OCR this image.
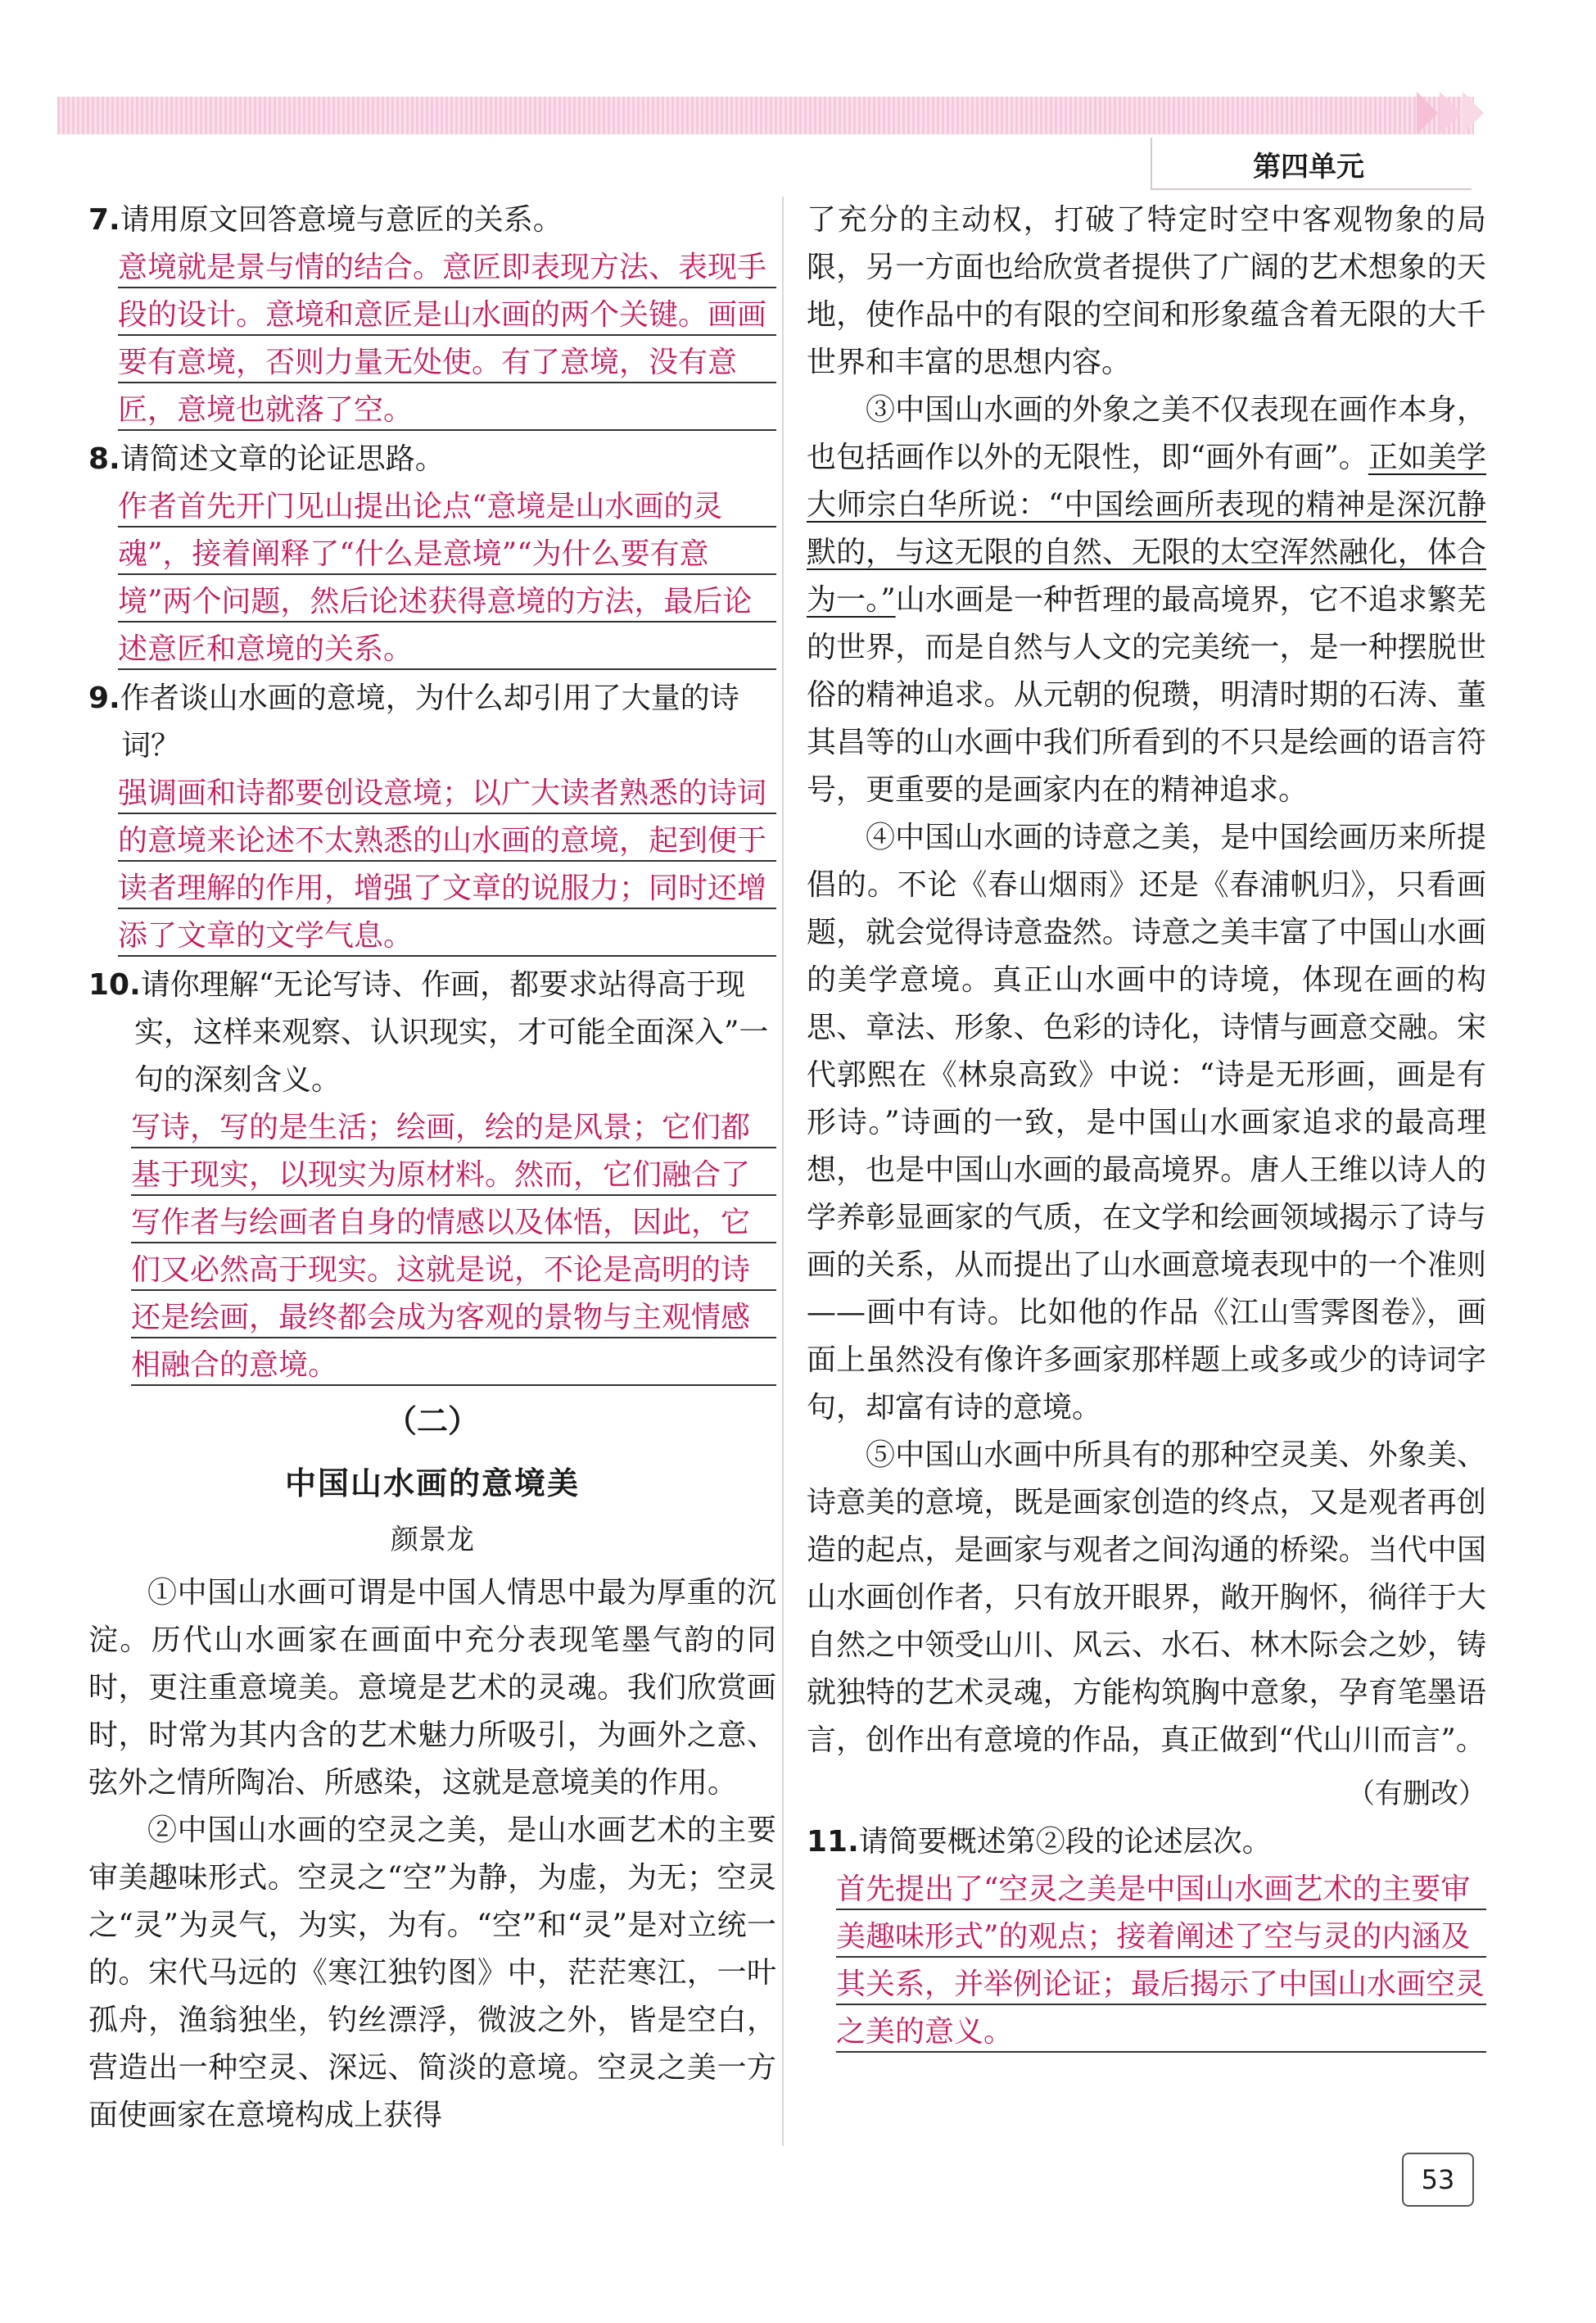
第四单元

7.请用原文回答意境与意匠的关系。

意境就是景与情的结合。意匠即表现方法、表现手段的设计。意境和意匠是山水画的两个关键。画画要有意境，否则力量无处使。有了意境，没有意匠，意境也就落了空。

8.请简述文章的论证思路。

作者首先开门见山提出论点“意境是山水画的灵魂”，接着阐释了“什么是意境”“为什么要有意境”两个问题，然后论述获得意境的方法，最后论述意匠和意境的关系。

9.作者谈山水画的意境，为什么却引用了大量的诗词？

强调画和诗都要创设意境；以广大读者熟悉的诗词的意境来论述不太熟悉的山水画的意境，起到便于读者理解的作用，增强了文章的说服力；同时还增添了文章的文学气息。

10.请你理解“无论写诗、作画，都要求站得高于现实，这样来观察、认识现实，才可能全面深入”一句的深刻含义。

写诗，写的是生活；绘画，绘的是风景；它们都基于现实，以现实为原材料。然而，它们融合了写作者与绘画者自身的情感以及体悟，因此，它们又必然高于现实。这就是说，不论是高明的诗还是绘画，最终都会成为客观的景物与主观情感相融合的意境。

（二）

中国山水画的意境美

颜景龙

①中国山水画可谓是中国人情思中最为厚重的沉淀。历代山水画家在画面中充分表现笔墨气韵的同时，更注重意境美。意境是艺术的灵魂。我们欣赏画时，时常为其内含的艺术魅力所吸引，为画外之意、弦外之情所陶冶、所感染，这就是意境美的作用。

②中国山水画的空灵之美，是山水画艺术的主要审美趣味形式。空灵之“空”为静，为虚，为无；空灵之“灵”为灵气，为实，为有。“空”和“灵”是对立统一的。宋代马远的《寒江独钓图》中，茫茫寒江，一叶孤舟，渔翁独坐，钓丝漂浮，微波之外，皆是空白，营造出一种空灵、深远、简淡的意境。空灵之美一方面使画家在意境构成上获得

了充分的主动权，打破了特定时空中客观物象的局限，另一方面也给欣赏者提供了广阔的艺术想象的天地，使作品中的有限的空间和形象蕴含着无限的大千世界和丰富的思想内容。

③中国山水画的外象之美不仅表现在画作本身，也包括画作以外的无限性，即“画外有画”。正如美学大师宗白华所说：“中国绘画所表现的精神是深沉静默的，与这无限的自然、无限的太空浑然融化，体合为一。”山水画是一种哲理的最高境界，它不追求繁芜的世界，而是自然与人文的完美统一，是一种摆脱世俗的精神追求。从元朝的倪瓒，明清时期的石涛、董其昌等的山水画中我们所看到的不只是绘画的语言符号，更重要的是画家内在的精神追求。

④中国山水画的诗意之美，是中国绘画历来所提倡的。不论《春山烟雨》还是《春浦帆归》，只看画题，就会觉得诗意盎然。诗意之美丰富了中国山水画的美学意境。真正山水画中的诗境，体现在画的构思、章法、形象、色彩的诗化，诗情与画意交融。宋代郭熙在《林泉高致》中说：“诗是无形画，画是有形诗。”诗画的一致，是中国山水画家追求的最高理想，也是中国山水画的最高境界。唐人王维以诗人的学养彰显画家的气质，在文学和绘画领域揭示了诗与画的关系，从而提出了山水画意境表现中的一个准则——画中有诗。比如他的作品《江山雪霁图卷》，画面上虽然没有像许多画家那样题上或多或少的诗词字句，却富有诗的意境。

⑤中国山水画中所具有的那种空灵美、外象美、诗意美的意境，既是画家创造的终点，又是观者再创造的起点，是画家与观者之间沟通的桥梁。当代中国山水画创作者，只有放开眼界，敞开胸怀，徜徉于大自然之中领受山川、风云、水石、林木际会之妙，铸就独特的艺术灵魂，方能构筑胸中意象，孕育笔墨语言，创作出有意境的作品，真正做到“代山川而言”。

（有删改）

11.请简要概述第②段的论述层次。

首先提出了“空灵之美是中国山水画艺术的主要审美趣味形式”的观点；接着阐述了空与灵的内涵及其关系，并举例论证；最后揭示了中国山水画空灵之美的意义。

53
